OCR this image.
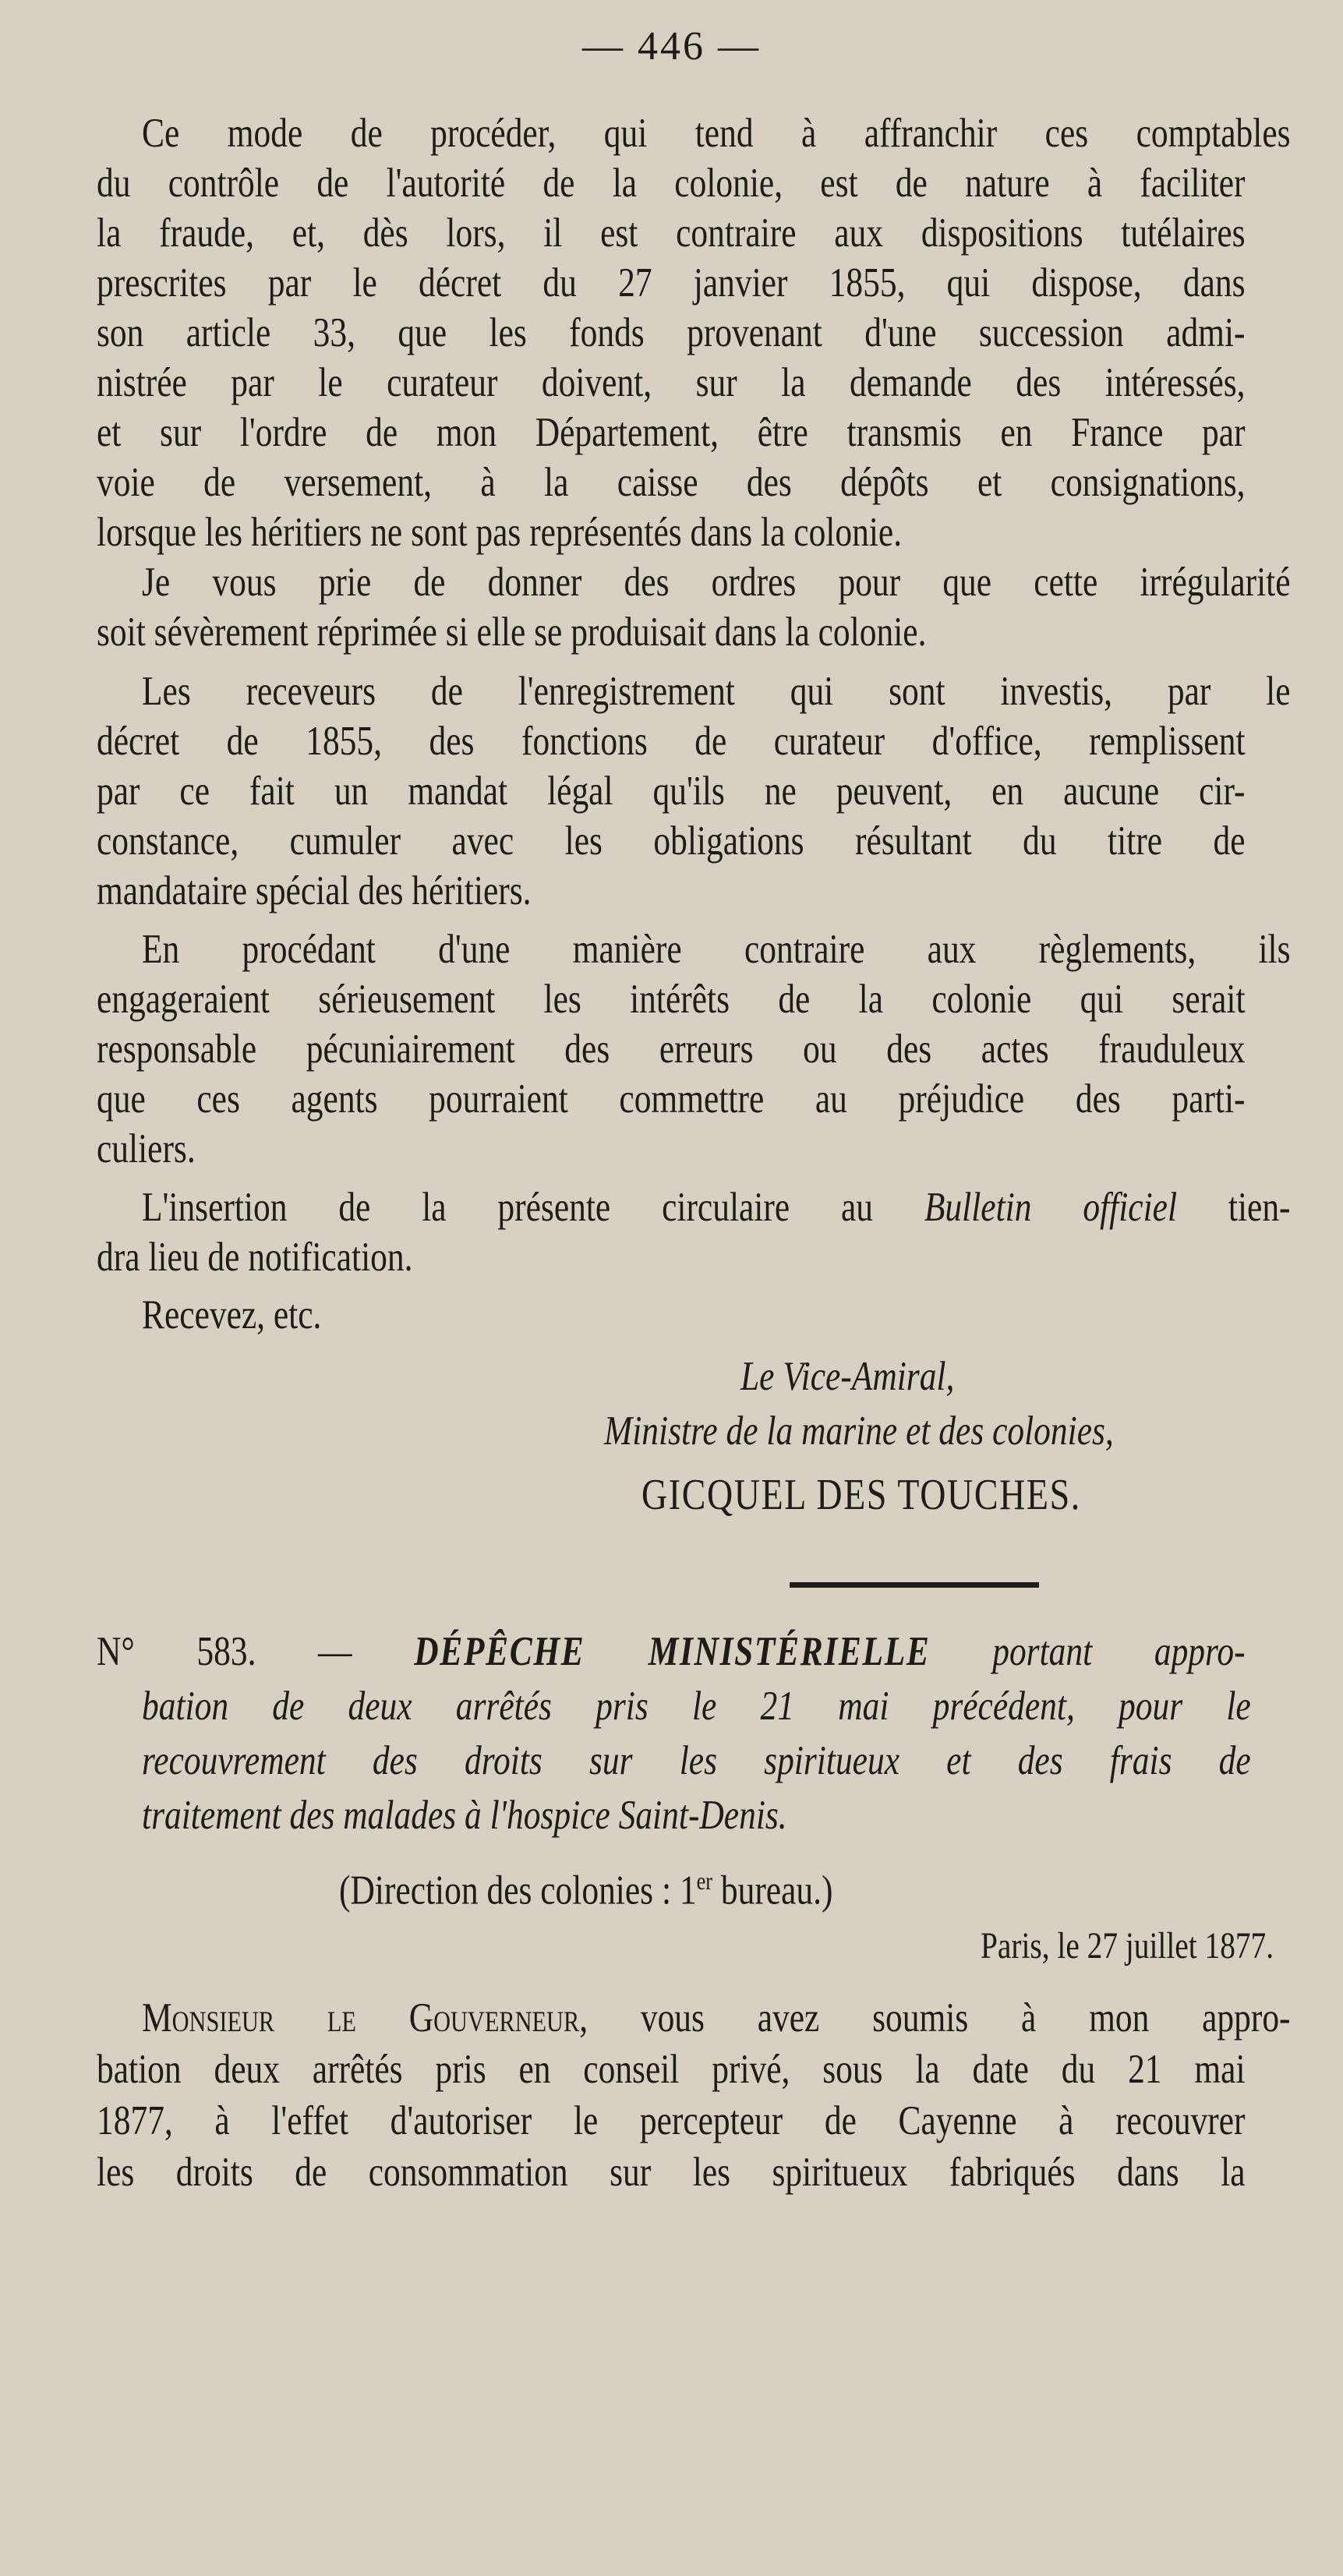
— 446 —
Ce mode de procéder, qui tend à affranchir ces comptables
du contrôle de l'autorité de la colonie, est de nature à faciliter
la fraude, et, dès lors, il est contraire aux dispositions tutélaires
prescrites par le décret du 27 janvier 1855, qui dispose, dans
son article 33, que les fonds provenant d'une succession admi-
nistrée par le curateur doivent, sur la demande des intéressés,
et sur l'ordre de mon Département, être transmis en France par
voie de versement, à la caisse des dépôts et consignations,
lorsque les héritiers ne sont pas représentés dans la colonie.
Je vous prie de donner des ordres pour que cette irrégularité
soit sévèrement réprimée si elle se produisait dans la colonie.
Les receveurs de l'enregistrement qui sont investis, par le
décret de 1855, des fonctions de curateur d'office, remplissent
par ce fait un mandat légal qu'ils ne peuvent, en aucune cir-
constance, cumuler avec les obligations résultant du titre de
mandataire spécial des héritiers.
En procédant d'une manière contraire aux règlements, ils
engageraient sérieusement les intérêts de la colonie qui serait
responsable pécuniairement des erreurs ou des actes frauduleux
que ces agents pourraient commettre au préjudice des parti-
culiers.
L'insertion de la présente circulaire au Bulletin officiel tien-
dra lieu de notification.
Recevez, etc.
Le Vice-Amiral,
Ministre de la marine et des colonies,
GICQUEL DES TOUCHES.
N° 583. — DÉPÊCHE MINISTÉRIELLE portant appro-
bation de deux arrêtés pris le 21 mai précédent, pour le
recouvrement des droits sur les spiritueux et des frais de
traitement des malades à l'hospice Saint-Denis.
(Direction des colonies : 1er bureau.)
Paris, le 27 juillet 1877.
Monsieur le Gouverneur, vous avez soumis à mon appro-
bation deux arrêtés pris en conseil privé, sous la date du 21 mai
1877, à l'effet d'autoriser le percepteur de Cayenne à recouvrer
les droits de consommation sur les spiritueux fabriqués dans la
